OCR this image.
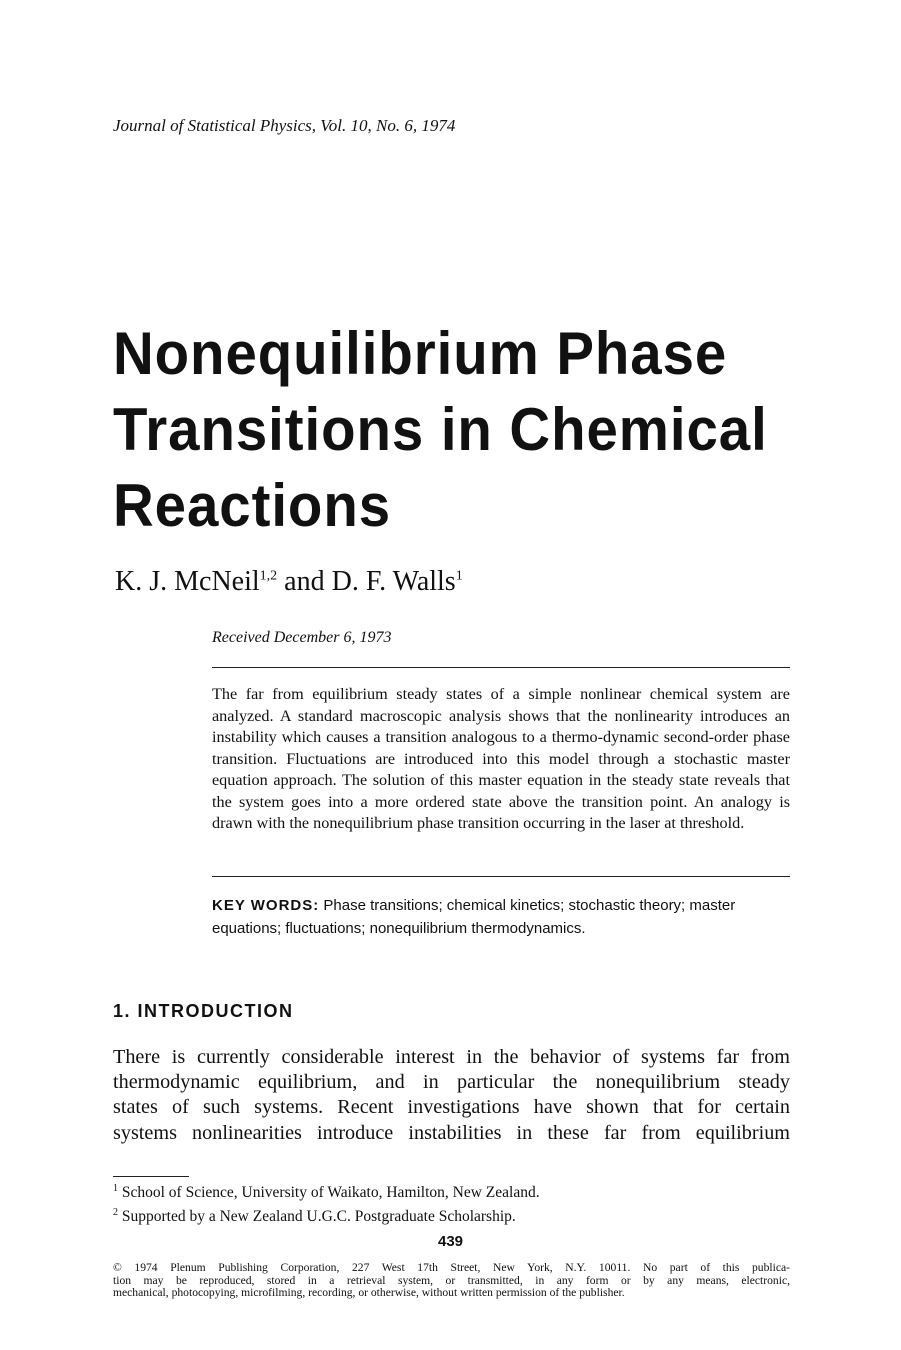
Journal of Statistical Physics, Vol. 10, No. 6, 1974
Nonequilibrium Phase
Transitions in Chemical
Reactions
K. J. McNeil$^{1,2}$ and D. F. Walls$^1$
Received December 6, 1973

The far from equilibrium steady states of a simple nonlinear chemical system are analyzed. A standard macroscopic analysis shows that the nonlinearity introduces an instability which causes a transition analogous to a thermo-dynamic second-order phase transition. Fluctuations are introduced into this model through a stochastic master equation approach. The solution of this master equation in the steady state reveals that the system goes into a more ordered state above the transition point. An analogy is drawn with the nonequilibrium phase transition occurring in the laser at threshold.

KEY WORDS: Phase transitions; chemical kinetics; stochastic theory; master equations; fluctuations; nonequilibrium thermodynamics.

1. INTRODUCTION

There is currently considerable interest in the behavior of systems far from
thermodynamic equilibrium, and in particular the nonequilibrium steady
states of such systems. Recent investigations have shown that for certain
systems nonlinearities introduce instabilities in these far from equilibrium

$^1$ School of Science, University of Waikato, Hamilton, New Zealand.
$^2$ Supported by a New Zealand U.G.C. Postgraduate Scholarship.
439

© 1974 Plenum Publishing Corporation, 227 West 17th Street, New York, N.Y. 10011. No part of this publica-
tion may be reproduced, stored in a retrieval system, or transmitted, in any form or by any means, electronic,
mechanical, photocopying, microfilming, recording, or otherwise, without written permission of the publisher.
